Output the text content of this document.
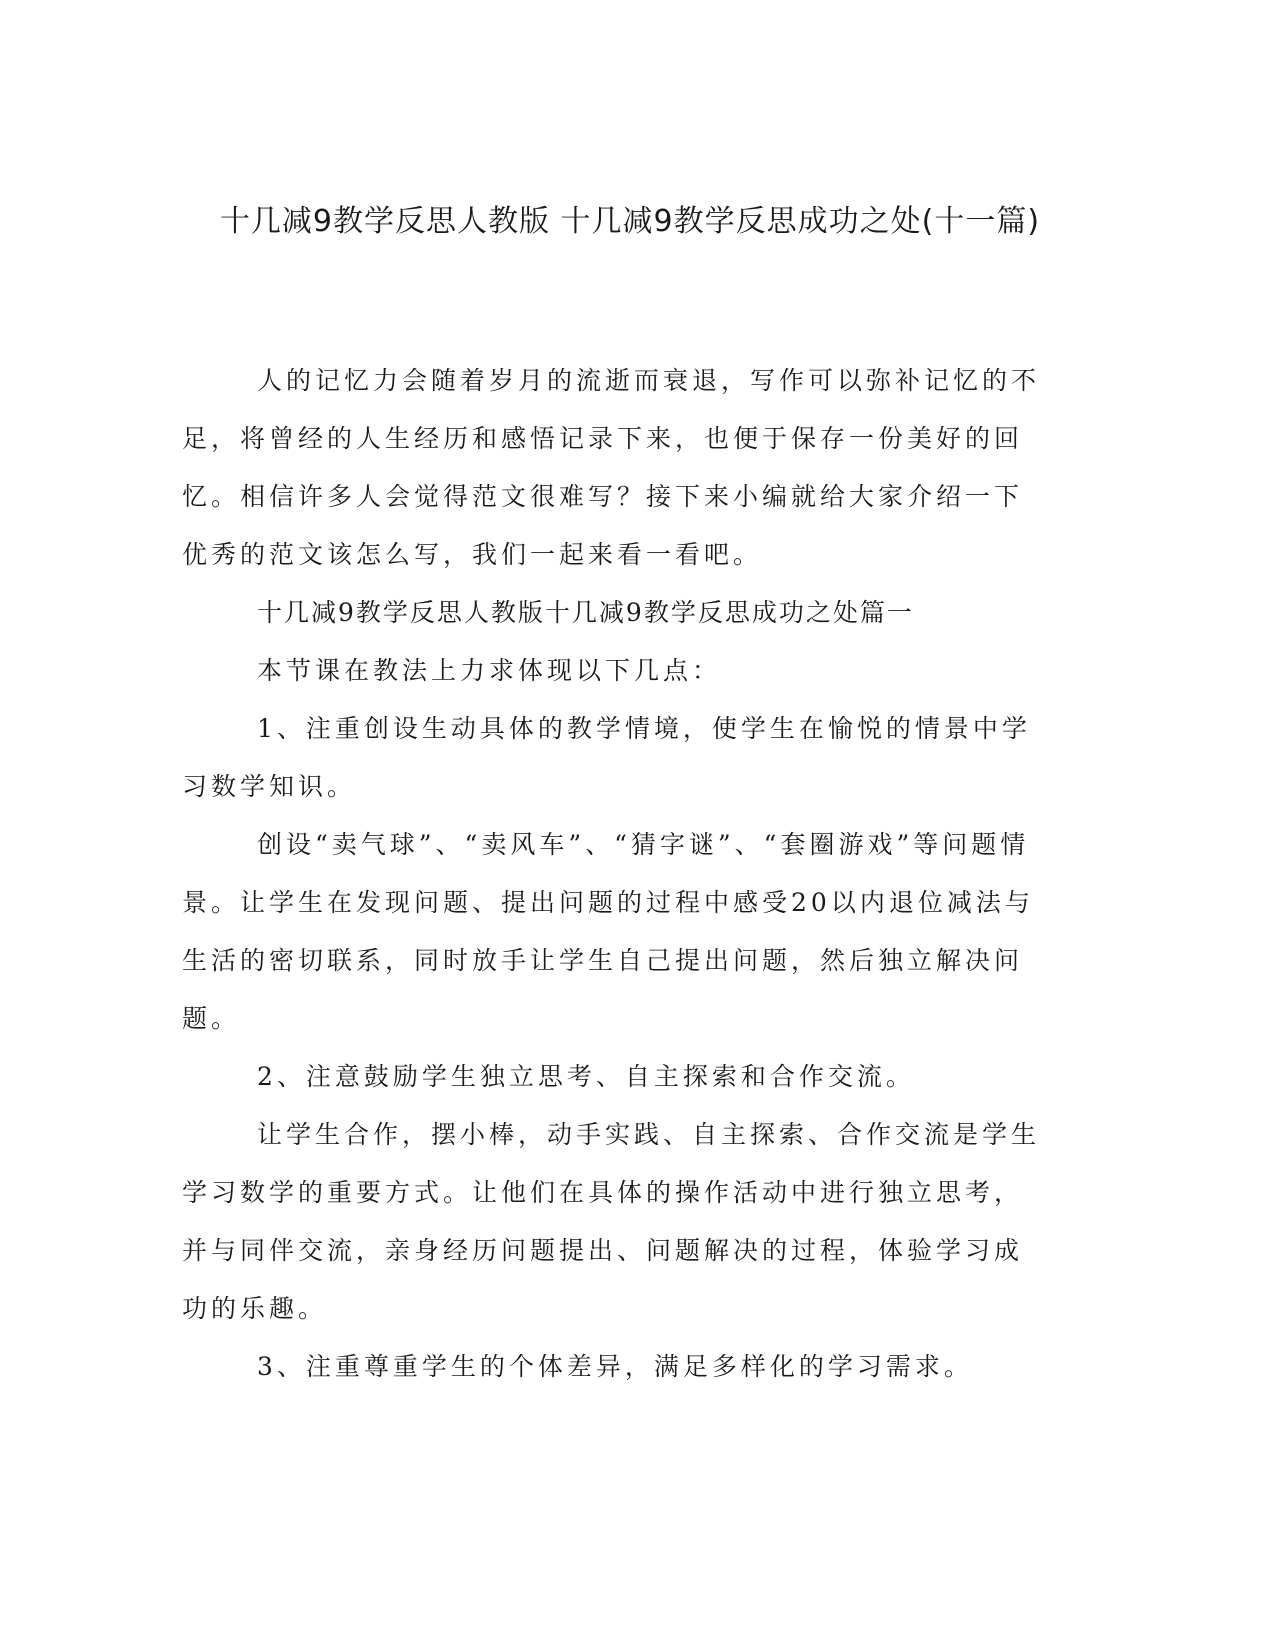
十几减9教学反思人教版 十几减9教学反思成功之处(十一篇)

人的记忆力会随着岁月的流逝而衰退，写作可以弥补记忆的不足，将曾经的人生经历和感悟记录下来，也便于保存一份美好的回忆。相信许多人会觉得范文很难写？接下来小编就给大家介绍一下优秀的范文该怎么写，我们一起来看一看吧。

十几减9教学反思人教版十几减9教学反思成功之处篇一

本节课在教法上力求体现以下几点：

1、注重创设生动具体的教学情境，使学生在愉悦的情景中学习数学知识。

创设“卖气球”、“卖风车”、“猜字谜”、“套圈游戏”等问题情景。让学生在发现问题、提出问题的过程中感受20以内退位减法与生活的密切联系，同时放手让学生自己提出问题，然后独立解决问题。

2、注意鼓励学生独立思考、自主探索和合作交流。

让学生合作，摆小棒，动手实践、自主探索、合作交流是学生学习数学的重要方式。让他们在具体的操作活动中进行独立思考，并与同伴交流，亲身经历问题提出、问题解决的过程，体验学习成功的乐趣。

3、注重尊重学生的个体差异，满足多样化的学习需求。
